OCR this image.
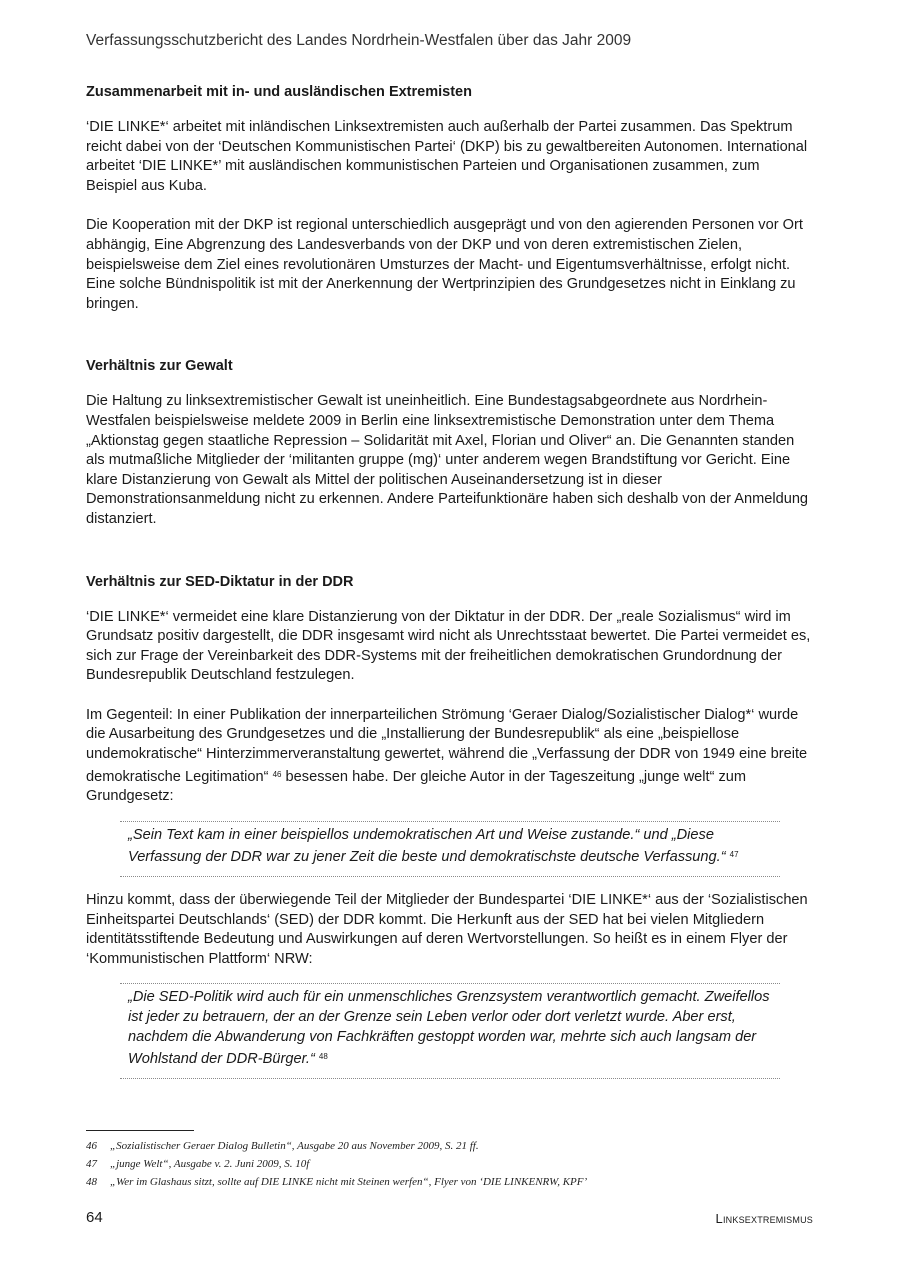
Verfassungsschutzbericht des Landes Nordrhein-Westfalen über das Jahr 2009
Zusammenarbeit mit in- und ausländischen Extremisten

‘DIE LINKE*‘ arbeitet mit inländischen Linksextremisten auch außerhalb der Partei zusammen. Das Spektrum reicht dabei von der ‘Deutschen Kommunistischen Partei‘ (DKP) bis zu gewaltbereiten Autonomen. International arbeitet ‘DIE LINKE*’ mit ausländischen kommunistischen Parteien und Organisationen zusammen, zum Beispiel aus Kuba.

Die Kooperation mit der DKP ist regional unterschiedlich ausgeprägt und von den agierenden Personen vor Ort abhängig, Eine Abgrenzung des Landesverbands von der DKP und von deren extremistischen Zielen, beispielsweise dem Ziel eines revolutionären Umsturzes der Macht- und Eigentumsverhältnisse, erfolgt nicht. Eine solche Bündnispolitik ist mit der Anerkennung der Wertprinzipien des Grundgesetzes nicht in Einklang zu bringen.

Verhältnis zur Gewalt

Die Haltung zu linksextremistischer Gewalt ist uneinheitlich. Eine Bundestagsabgeordnete aus Nordrhein-Westfalen beispielsweise meldete 2009 in Berlin eine linksextremistische Demonstration unter dem Thema „Aktionstag gegen staatliche Repression – Solidarität mit Axel, Florian und Oliver“ an. Die Genannten standen als mutmaßliche Mitglieder der ‘militanten gruppe (mg)‘ unter anderem wegen Brandstiftung vor Gericht. Eine klare Distanzierung von Gewalt als Mittel der politischen Auseinandersetzung ist in dieser Demonstrationsanmeldung nicht zu erkennen. Andere Parteifunktionäre haben sich deshalb von der Anmeldung distanziert.

Verhältnis zur SED-Diktatur in der DDR

‘DIE LINKE*‘ vermeidet eine klare Distanzierung von der Diktatur in der DDR. Der „reale Sozialismus“ wird im Grundsatz positiv dargestellt, die DDR insgesamt wird nicht als Unrechtsstaat bewertet. Die Partei vermeidet es, sich zur Frage der Vereinbarkeit des DDR-Systems mit der freiheitlichen demokratischen Grundordnung der Bundesrepublik Deutschland festzulegen.

Im Gegenteil: In einer Publikation der innerparteilichen Strömung ‘Geraer Dialog/Sozialistischer Dialog*‘ wurde die Ausarbeitung des Grundgesetzes und die „Installierung der Bundesrepublik“ als eine „beispiellose undemokratische“ Hinterzimmerveranstaltung gewertet, während die „Verfassung der DDR von 1949 eine breite demokratische Legitimation“ $^{46}$ besessen habe. Der gleiche Autor in der Tageszeitung „junge welt“ zum Grundgesetz:

„Sein Text kam in einer beispiellos undemokratischen Art und Weise zustande.“ und „Diese Verfassung der DDR war zu jener Zeit die beste und demokratischste deutsche Verfassung.“ $^{47}$

Hinzu kommt, dass der überwiegende Teil der Mitglieder der Bundespartei ‘DIE LINKE*‘ aus der ‘Sozialistischen Einheitspartei Deutschlands‘ (SED) der DDR kommt. Die Herkunft aus der SED hat bei vielen Mitgliedern identitätsstiftende Bedeutung und Auswirkungen auf deren Wertvorstellungen. So heißt es in einem Flyer der ‘Kommunistischen Plattform‘ NRW:

„Die SED-Politik wird auch für ein unmenschliches Grenzsystem verantwortlich gemacht. Zweifellos ist jeder zu betrauern, der an der Grenze sein Leben verlor oder dort verletzt wurde. Aber erst, nachdem die Abwanderung von Fachkräften gestoppt worden war, mehrte sich auch langsam der Wohlstand der DDR-Bürger.“ $^{48}$
46	„Sozialistischer Geraer Dialog Bulletin“, Ausgabe 20 aus November 2009, S. 21 ff.
47	„junge Welt“, Ausgabe v. 2. Juni 2009, S. 10f
48	„Wer im Glashaus sitzt, sollte auf DIE LINKE nicht mit Steinen werfen“, Flyer von ‘DIE LINKENRW, KPF’
64	Linksextremismus
